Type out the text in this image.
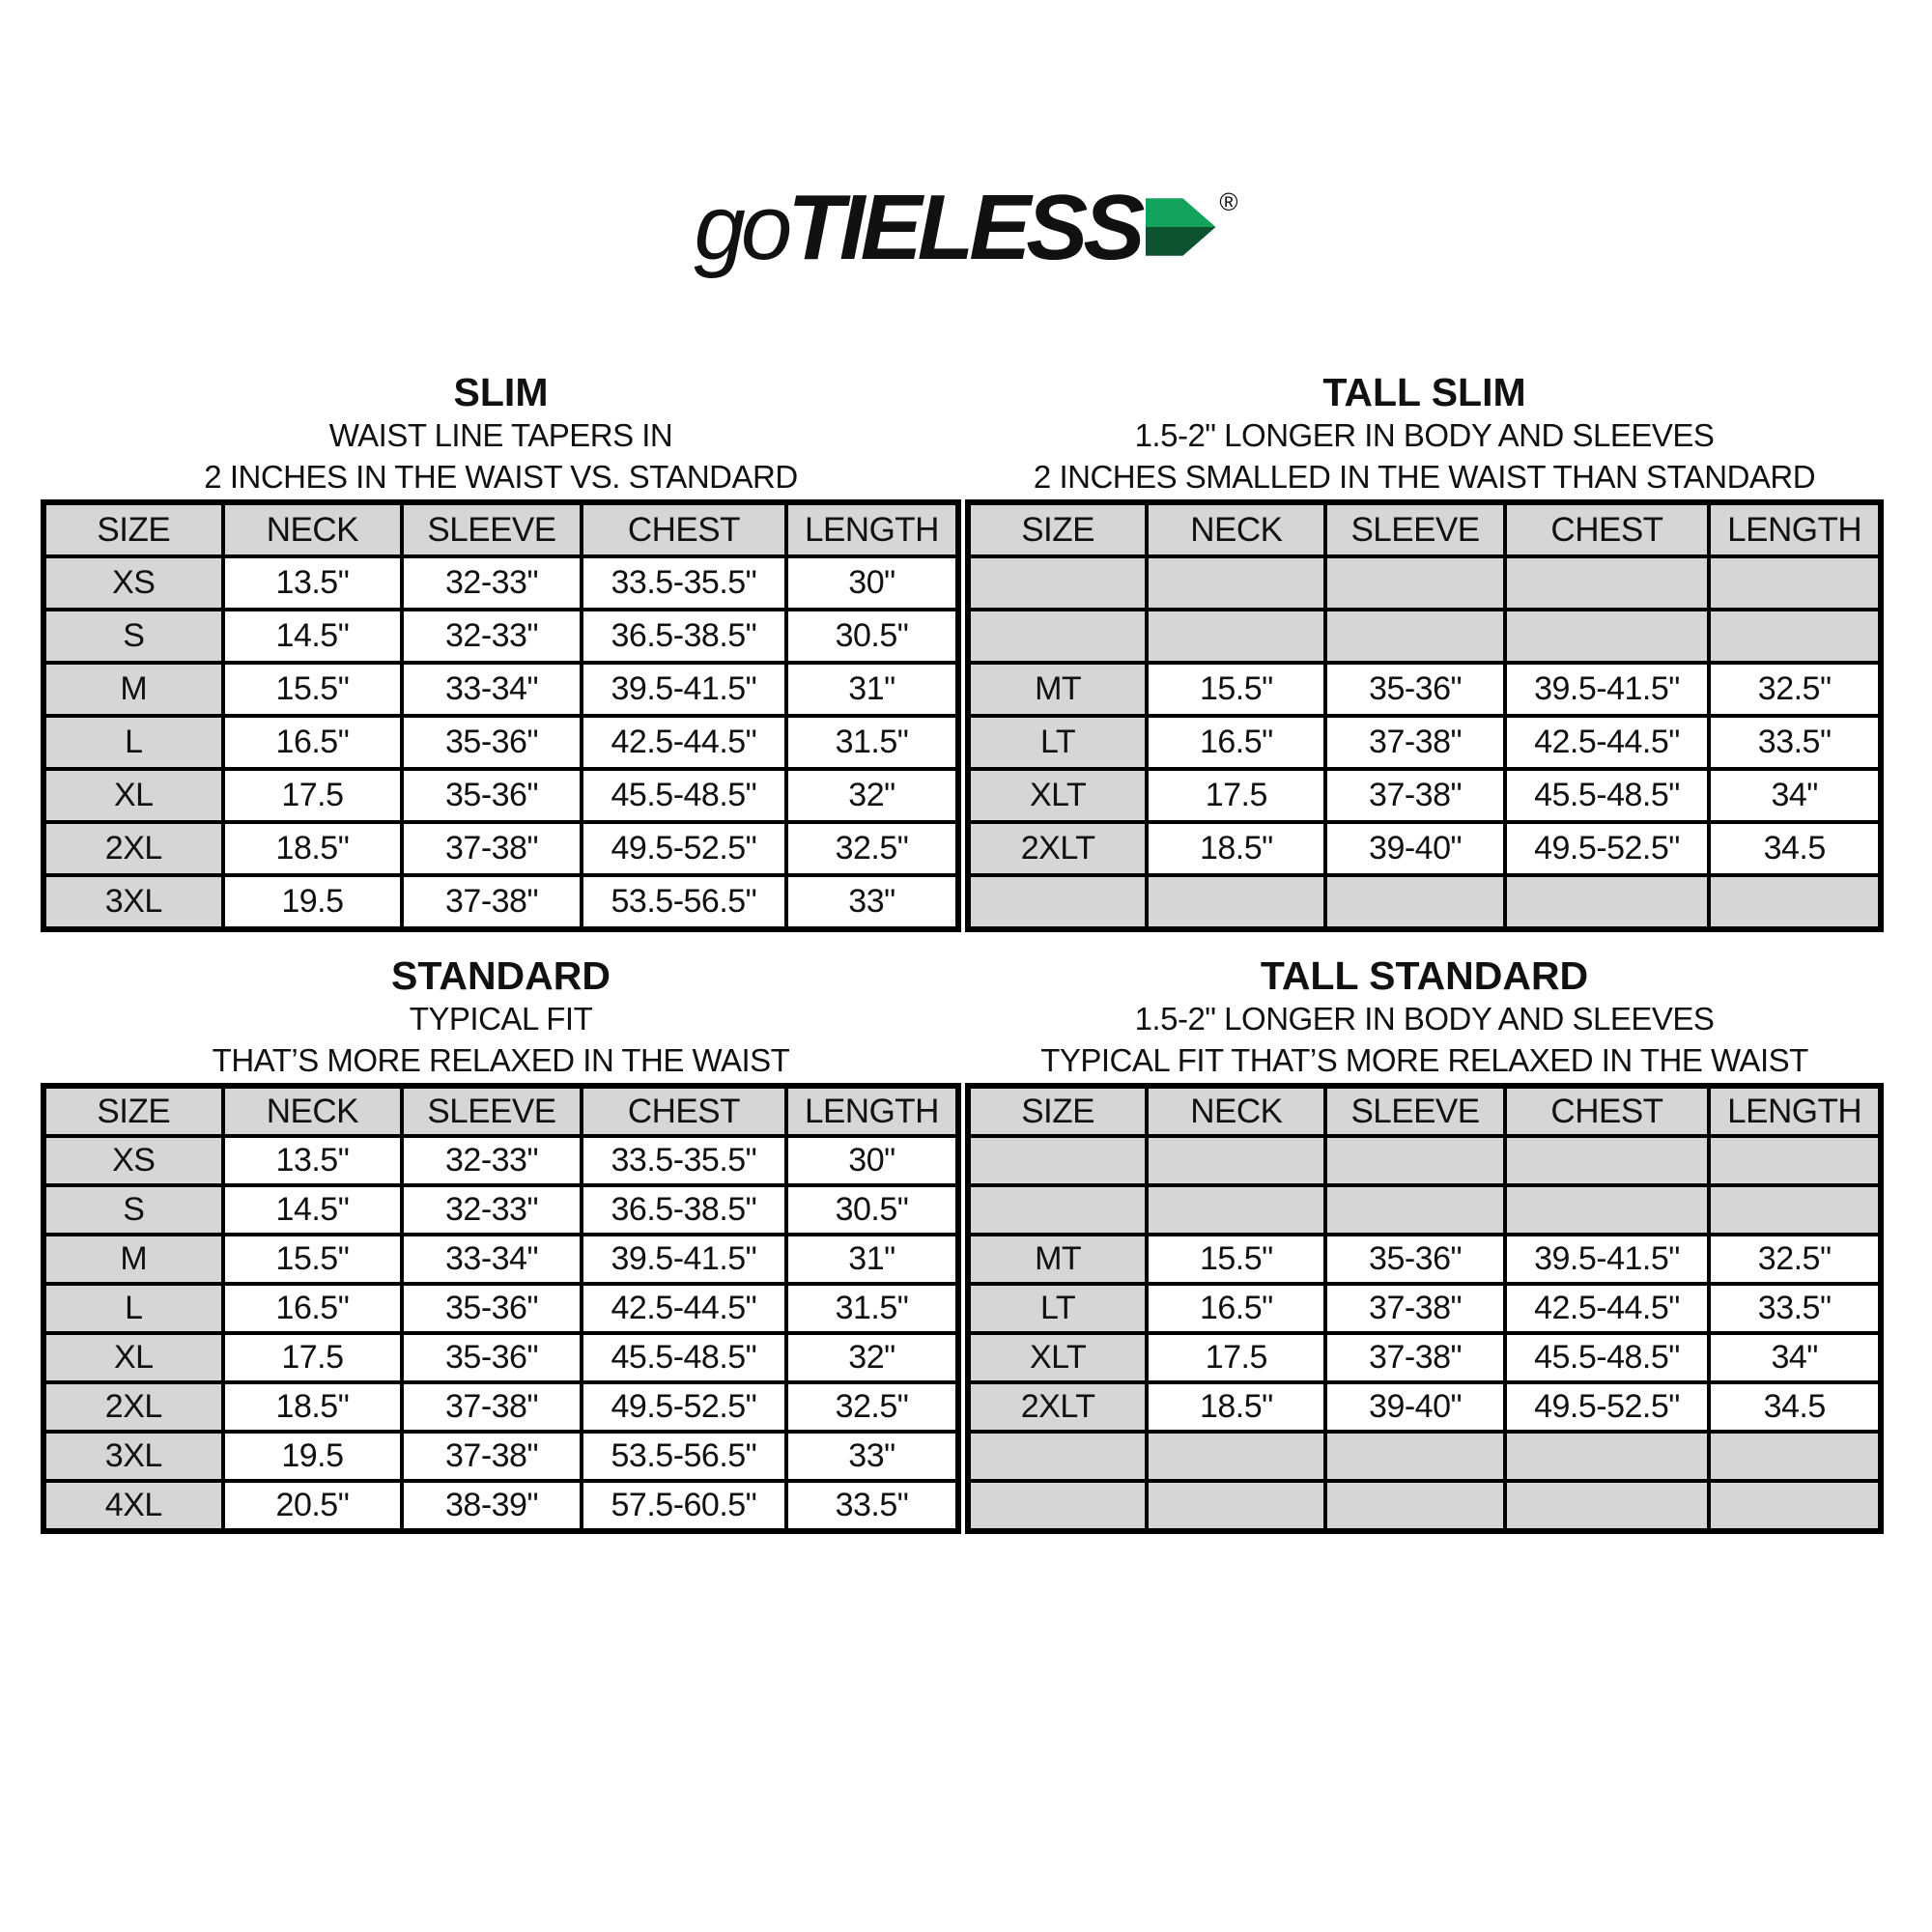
go TIELESS	®
SLIM
WAIST LINE TAPERS IN
2 INCHES IN THE WAIST VS. STANDARD
SIZE	NECK	SLEEVE	CHEST	LENGTH
XS	13.5"	32-33"	33.5-35.5"	30"
S	14.5"	32-33"	36.5-38.5"	30.5"
M	15.5"	33-34"	39.5-41.5"	31"
L	16.5"	35-36"	42.5-44.5"	31.5"
XL	17.5	35-36"	45.5-48.5"	32"
2XL	18.5"	37-38"	49.5-52.5"	32.5"
3XL	19.5	37-38"	53.5-56.5"	33"
TALL SLIM
1.5-2" LONGER IN BODY AND SLEEVES
2 INCHES SMALLED IN THE WAIST THAN STANDARD
SIZE	NECK	SLEEVE	CHEST	LENGTH

MT	15.5"	35-36"	39.5-41.5"	32.5"
LT	16.5"	37-38"	42.5-44.5"	33.5"
XLT	17.5	37-38"	45.5-48.5"	34"
2XLT	18.5"	39-40"	49.5-52.5"	34.5

STANDARD
TYPICAL FIT
THAT’S MORE RELAXED IN THE WAIST
SIZE	NECK	SLEEVE	CHEST	LENGTH
XS	13.5"	32-33"	33.5-35.5"	30"
S	14.5"	32-33"	36.5-38.5"	30.5"
M	15.5"	33-34"	39.5-41.5"	31"
L	16.5"	35-36"	42.5-44.5"	31.5"
XL	17.5	35-36"	45.5-48.5"	32"
2XL	18.5"	37-38"	49.5-52.5"	32.5"
3XL	19.5	37-38"	53.5-56.5"	33"
4XL	20.5"	38-39"	57.5-60.5"	33.5"
TALL STANDARD
1.5-2" LONGER IN BODY AND SLEEVES
TYPICAL FIT THAT’S MORE RELAXED IN THE WAIST
SIZE	NECK	SLEEVE	CHEST	LENGTH

MT	15.5"	35-36"	39.5-41.5"	32.5"
LT	16.5"	37-38"	42.5-44.5"	33.5"
XLT	17.5	37-38"	45.5-48.5"	34"
2XLT	18.5"	39-40"	49.5-52.5"	34.5
